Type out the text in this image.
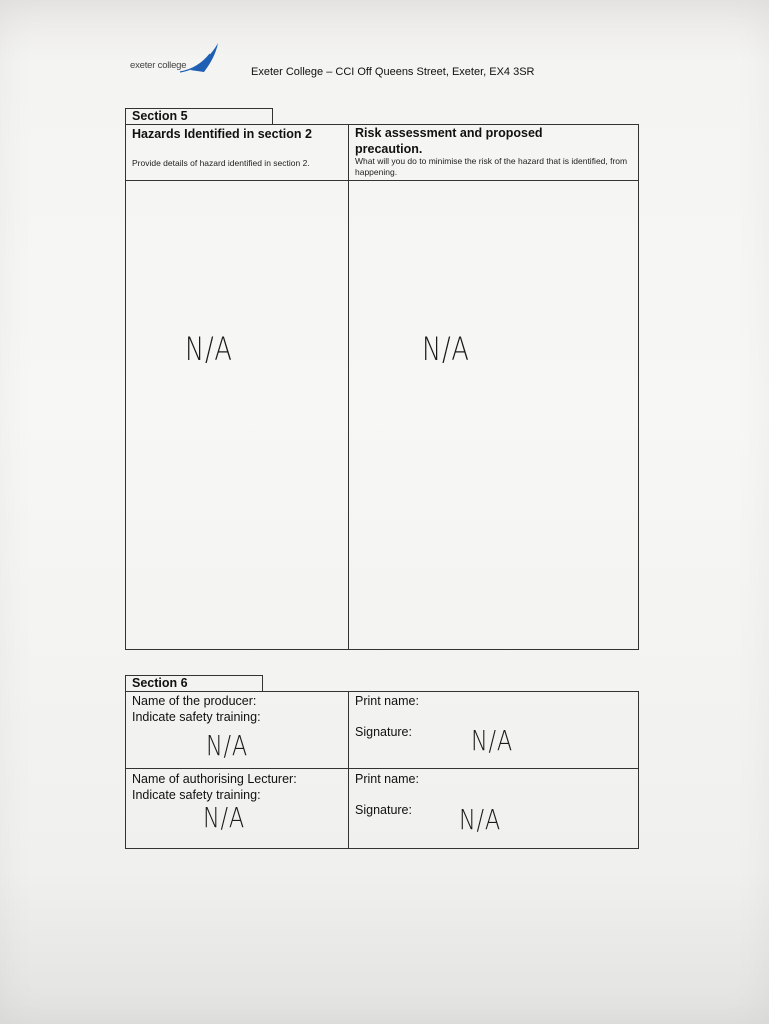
exeter college
Exeter College – CCI Off Queens Street, Exeter, EX4 3SR
Section 5
Hazards Identified in section 2
Provide details of hazard identified in section 2.
Risk assessment and proposed precaution.
What will you do to minimise the risk of the hazard that is identified, from happening.
N/A	N/A
Section 6
Name of the producer:
Indicate safety training:
N/A
Print name:
Signature: N/A
Name of authorising Lecturer:
Indicate safety training:
N/A
Print name:
Signature: N/A
